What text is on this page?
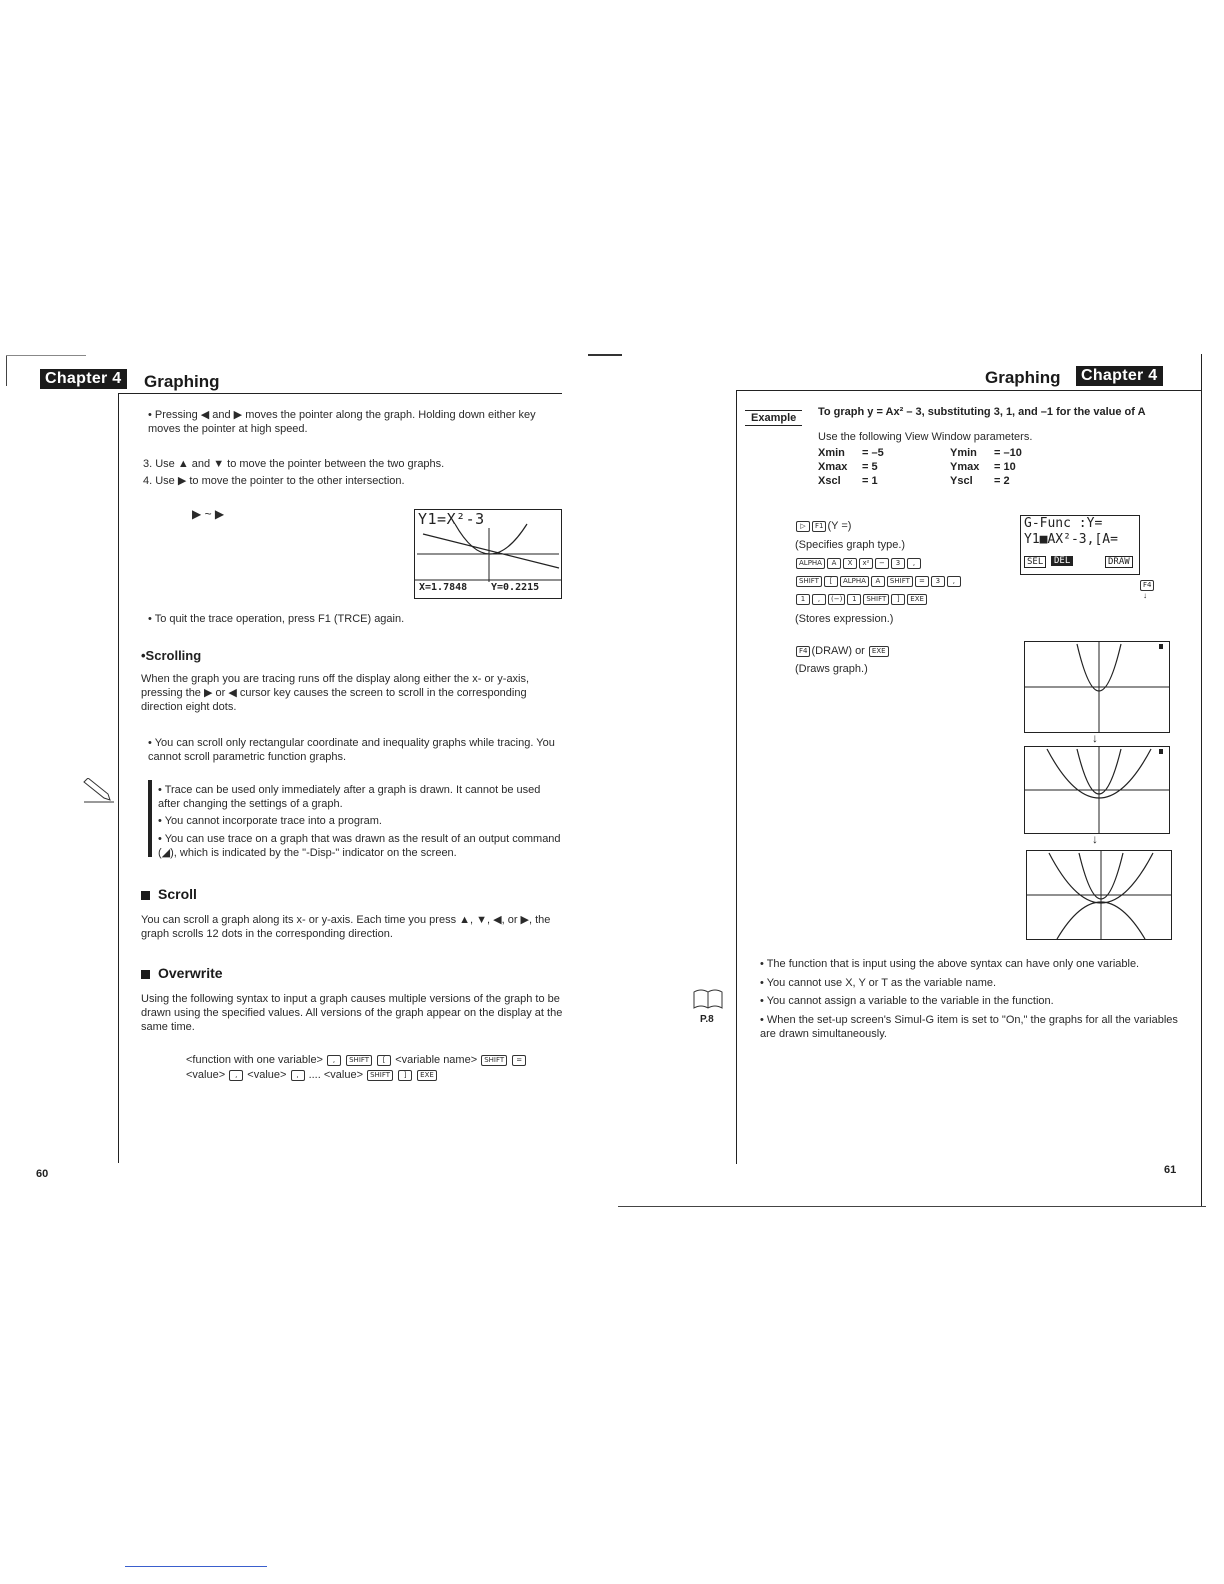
Chapter 4 Graphing
• Pressing ◀ and ▶ moves the pointer along the graph. Holding down either key moves the pointer at high speed.
3. Use ▲ and ▼ to move the pointer between the two graphs.
4. Use ▶ to move the pointer to the other intersection.
▶ ~ ▶	Y1=X²-3
X=1.7848 Y=0.2215
• To quit the trace operation, press F1 (TRCE) again.
•Scrolling
When the graph you are tracing runs off the display along either the x- or y-axis, pressing the ▶ or ◀ cursor key causes the screen to scroll in the corresponding direction eight dots.
• You can scroll only rectangular coordinate and inequality graphs while tracing. You cannot scroll parametric function graphs.
• Trace can be used only immediately after a graph is drawn. It cannot be used after changing the settings of a graph.
• You cannot incorporate trace into a program.
• You can use trace on a graph that was drawn as the result of an output command (◢), which is indicated by the "-Disp-" indicator on the screen.
Scroll
You can scroll a graph along its x- or y-axis. Each time you press ▲, ▼, ◀, or ▶, the graph scrolls 12 dots in the corresponding direction.
Overwrite
Using the following syntax to input a graph causes multiple versions of the graph to be drawn using the specified values. All versions of the graph appear on the display at the same time.
<function with one variable> , SHIFT [ <variable name> SHIFT =
<value> , <value> , .... <value> SHIFT ] EXE
60
Graphing	Chapter 4
Example	To graph y = Ax² – 3, substituting 3, 1, and –1 for the value of A
Use the following View Window parameters.
Xmin	= –5	Ymin	= –10
Xmax	= 5	Ymax	= 10
Xscl	= 1	Yscl	= 2
▷ F1 (Y =)
(Specifies graph type.)
ALPHA A X x² − 3 ,
SHIFT [ ALPHA A SHIFT = 3 ,
1 , (−) 1 SHIFT ] EXE
(Stores expression.)
F4 (DRAW) or EXE
(Draws graph.)
G-Func :Y=
Y1■AX²-3,[A=
SEL	DEL	DRAW
F4
↓
↓
↓
P.8
• The function that is input using the above syntax can have only one variable.
• You cannot use X, Y or T as the variable name.
• You cannot assign a variable to the variable in the function.
• When the set-up screen's Simul-G item is set to "On," the graphs for all the variables are drawn simultaneously.
61
